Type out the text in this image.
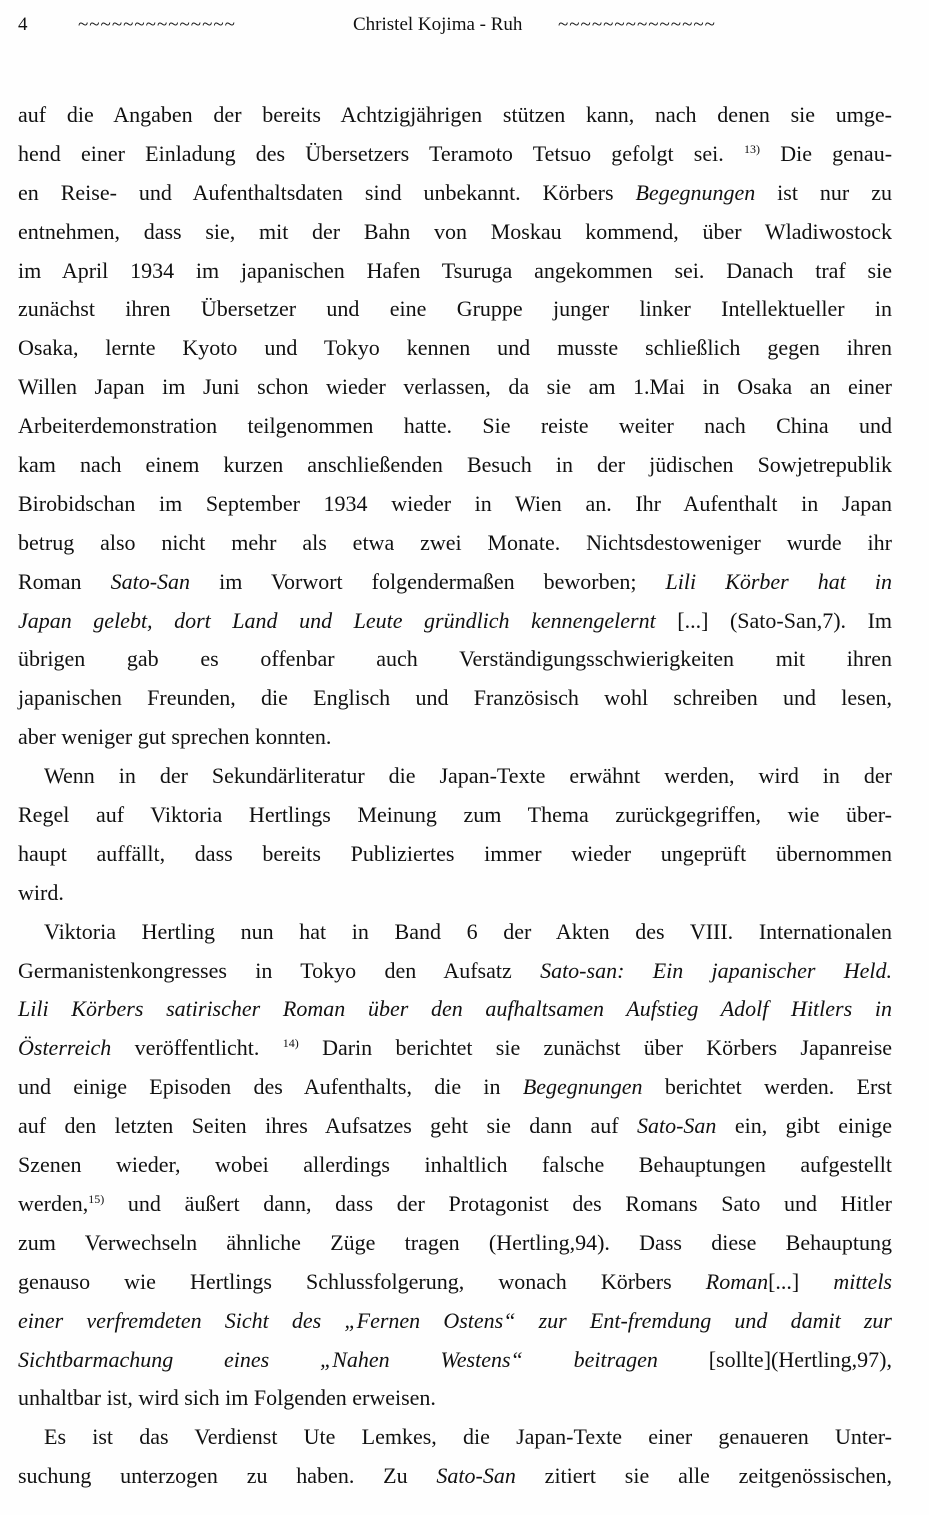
4	~~~~~~~~~~~~~~	Christel Kojima - Ruh ~~~~~~~~~~~~~~
auf die Angaben der bereits Achtzigjährigen stützen kann, nach denen sie umge-
hend einer Einladung des Übersetzers Teramoto Tetsuo gefolgt sei. $^{13)}$ Die genau-
en Reise- und Aufenthaltsdaten sind unbekannt. Körbers Begegnungen ist nur zu
entnehmen, dass sie, mit der Bahn von Moskau kommend, über Wladiwostock
im April 1934 im japanischen Hafen Tsuruga angekommen sei. Danach traf sie
zunächst ihren Übersetzer und eine Gruppe junger linker Intellektueller in
Osaka, lernte Kyoto und Tokyo kennen und musste schließlich gegen ihren
Willen Japan im Juni schon wieder verlassen, da sie am 1.Mai in Osaka an einer
Arbeiterdemonstration teilgenommen hatte. Sie reiste weiter nach China und
kam nach einem kurzen anschließenden Besuch in der jüdischen Sowjetrepublik
Birobidschan im September 1934 wieder in Wien an. Ihr Aufenthalt in Japan
betrug also nicht mehr als etwa zwei Monate. Nichtsdestoweniger wurde ihr
Roman Sato-San im Vorwort folgendermaßen beworben; Lili Körber hat in
Japan gelebt, dort Land und Leute gründlich kennengelernt [...] (Sato-San,7). Im
übrigen gab es offenbar auch Verständigungsschwierigkeiten mit ihren
japanischen Freunden, die Englisch und Französisch wohl schreiben und lesen,
aber weniger gut sprechen konnten.
Wenn in der Sekundärliteratur die Japan-Texte erwähnt werden, wird in der
Regel auf Viktoria Hertlings Meinung zum Thema zurückgegriffen, wie über-
haupt auffällt, dass bereits Publiziertes immer wieder ungeprüft übernommen
wird.
Viktoria Hertling nun hat in Band 6 der Akten des VIII. Internationalen
Germanistenkongresses in Tokyo den Aufsatz Sato-san: Ein japanischer Held.
Lili Körbers satirischer Roman über den aufhaltsamen Aufstieg Adolf Hitlers in
Österreich veröffentlicht. $^{14)}$ Darin berichtet sie zunächst über Körbers Japanreise
und einige Episoden des Aufenthalts, die in Begegnungen berichtet werden. Erst
auf den letzten Seiten ihres Aufsatzes geht sie dann auf Sato-San ein, gibt einige
Szenen wieder, wobei allerdings inhaltlich falsche Behauptungen aufgestellt
werden,$^{15)}$ und äußert dann, dass der Protagonist des Romans Sato und Hitler
zum Verwechseln ähnliche Züge tragen (Hertling,94). Dass diese Behauptung
genauso wie Hertlings Schlussfolgerung, wonach Körbers Roman[...] mittels
einer verfremdeten Sicht des „Fernen Ostens“ zur Ent-fremdung und damit zur
Sichtbarmachung eines „Nahen Westens“ beitragen [sollte](Hertling,97),
unhaltbar ist, wird sich im Folgenden erweisen.
Es ist das Verdienst Ute Lemkes, die Japan-Texte einer genaueren Unter-
suchung unterzogen zu haben. Zu Sato-San zitiert sie alle zeitgenössischen,
